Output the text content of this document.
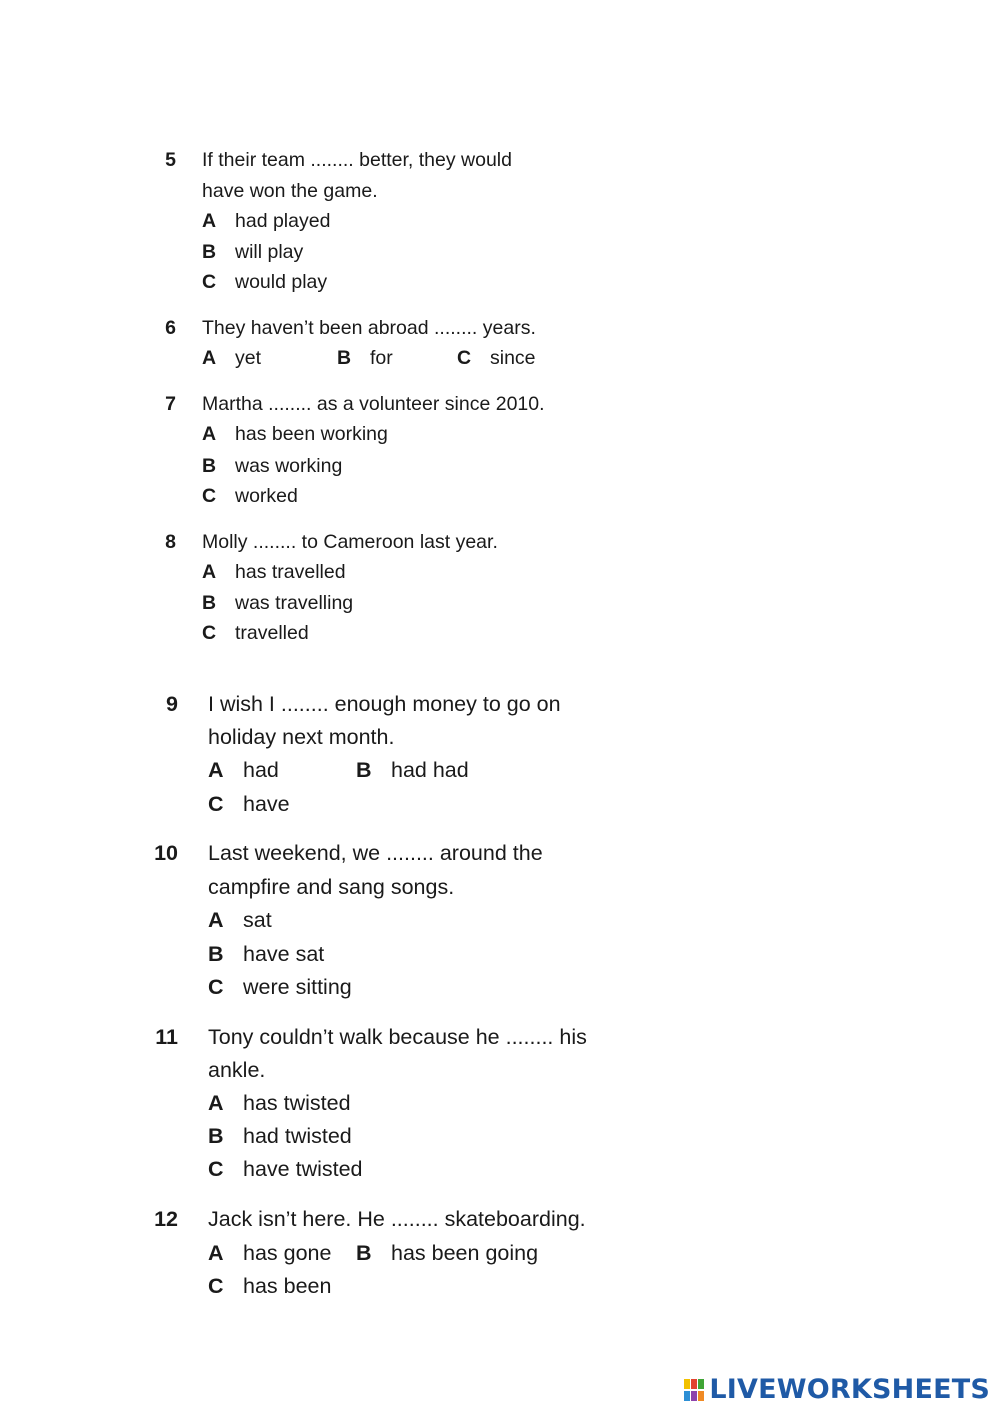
5 If their team ........ better, they would
have won the game.
A had played
B will play
C would play
6 They haven’t been abroad ........ years.
A yet	B for	C since
7 Martha ........ as a volunteer since 2010.
A has been working
B was working
C worked
8 Molly ........ to Cameroon last year.
A has travelled
B was travelling
C travelled
9 I wish I ........ enough money to go on
holiday next month.
A had	B had had
C have
10 Last weekend, we ........ around the
campfire and sang songs.
A sat
B have sat
C were sitting
11 Tony couldn’t walk because he ........ his
ankle.
A has twisted
B had twisted
C have twisted
12 Jack isn’t here. He ........ skateboarding.
A has gone B has been going
C has been
LIVEWORKSHEETS
